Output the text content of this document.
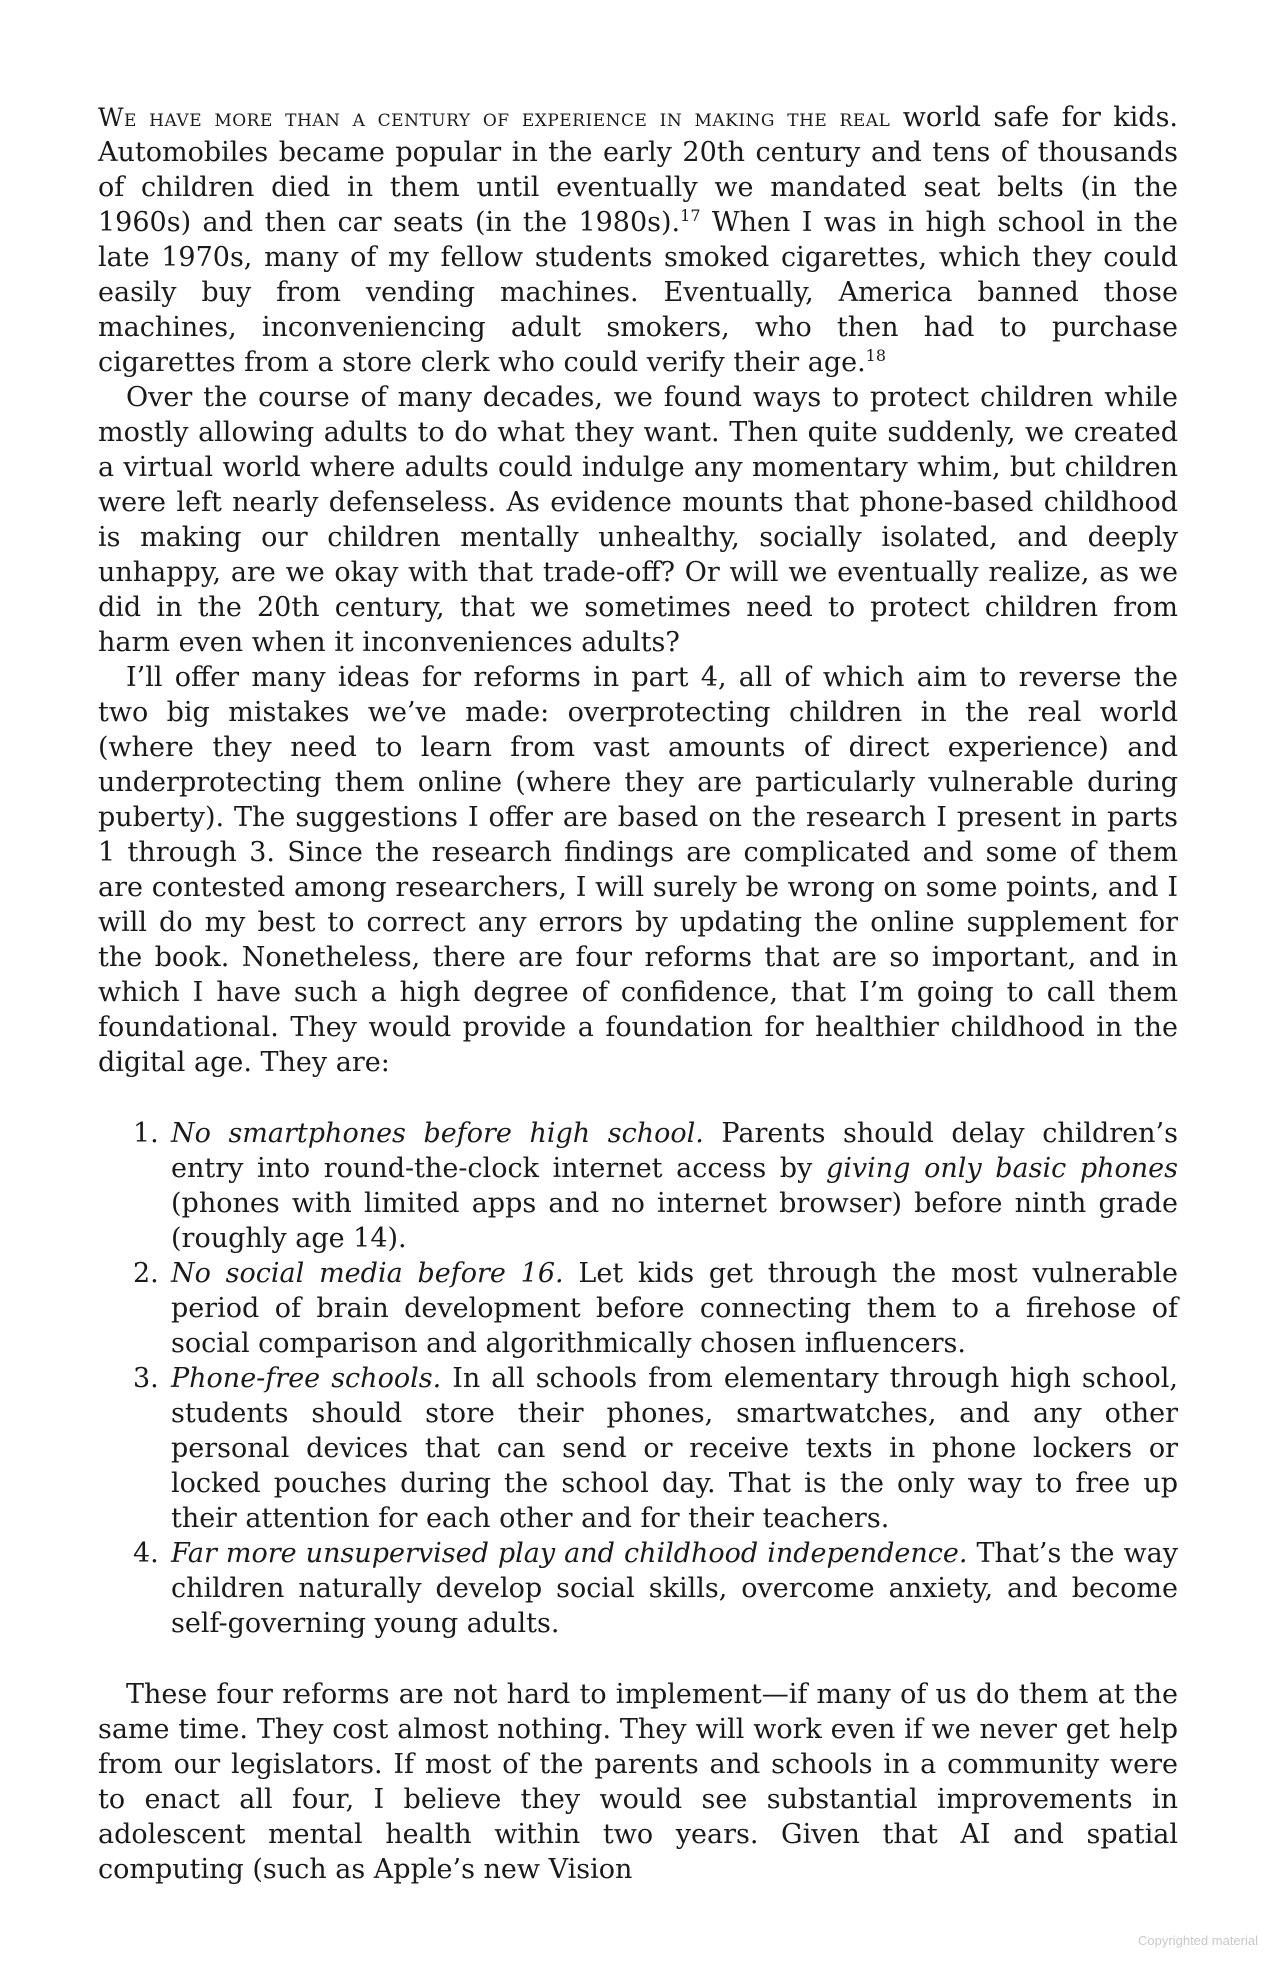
We have more than a century of experience in making the real world safe for kids. Automobiles became popular in the early 20th century and tens of thousands of children died in them until eventually we mandated seat belts (in the 1960s) and then car seats (in the 1980s).$^{17}$ When I was in high school in the late 1970s, many of my fellow students smoked cigarettes, which they could easily buy from vending machines. Eventually, America banned those machines, inconveniencing adult smokers, who then had to purchase cigarettes from a store clerk who could verify their age.$^{18}$

Over the course of many decades, we found ways to protect children while mostly allowing adults to do what they want. Then quite suddenly, we created a virtual world where adults could indulge any momentary whim, but children were left nearly defenseless. As evidence mounts that phone-based childhood is making our children mentally unhealthy, socially isolated, and deeply unhappy, are we okay with that trade-off? Or will we eventually realize, as we did in the 20th century, that we sometimes need to protect children from harm even when it inconveniences adults?

I’ll offer many ideas for reforms in part 4, all of which aim to reverse the two big mistakes we’ve made: overprotecting children in the real world (where they need to learn from vast amounts of direct experience) and underprotecting them online (where they are particularly vulnerable during puberty). The suggestions I offer are based on the research I present in parts 1 through 3. Since the research findings are complicated and some of them are contested among researchers, I will surely be wrong on some points, and I will do my best to correct any errors by updating the online supplement for the book. Nonetheless, there are four reforms that are so important, and in which I have such a high degree of confidence, that I’m going to call them foundational. They would provide a foundation for healthier childhood in the digital age. They are:

1. No smartphones before high school. Parents should delay children’s entry into round-the-clock internet access by giving only basic phones (phones with limited apps and no internet browser) before ninth grade (roughly age 14).
2. No social media before 16. Let kids get through the most vulnerable period of brain development before connecting them to a firehose of social comparison and algorithmically chosen influencers.
3. Phone-free schools. In all schools from elementary through high school, students should store their phones, smartwatches, and any other personal devices that can send or receive texts in phone lockers or locked pouches during the school day. That is the only way to free up their attention for each other and for their teachers.
4. Far more unsupervised play and childhood independence. That’s the way children naturally develop social skills, overcome anxiety, and become self-governing young adults.

These four reforms are not hard to implement—if many of us do them at the same time. They cost almost nothing. They will work even if we never get help from our legislators. If most of the parents and schools in a community were to enact all four, I believe they would see substantial improvements in adolescent mental health within two years. Given that AI and spatial computing (such as Apple’s new Vision

Copyrighted material
